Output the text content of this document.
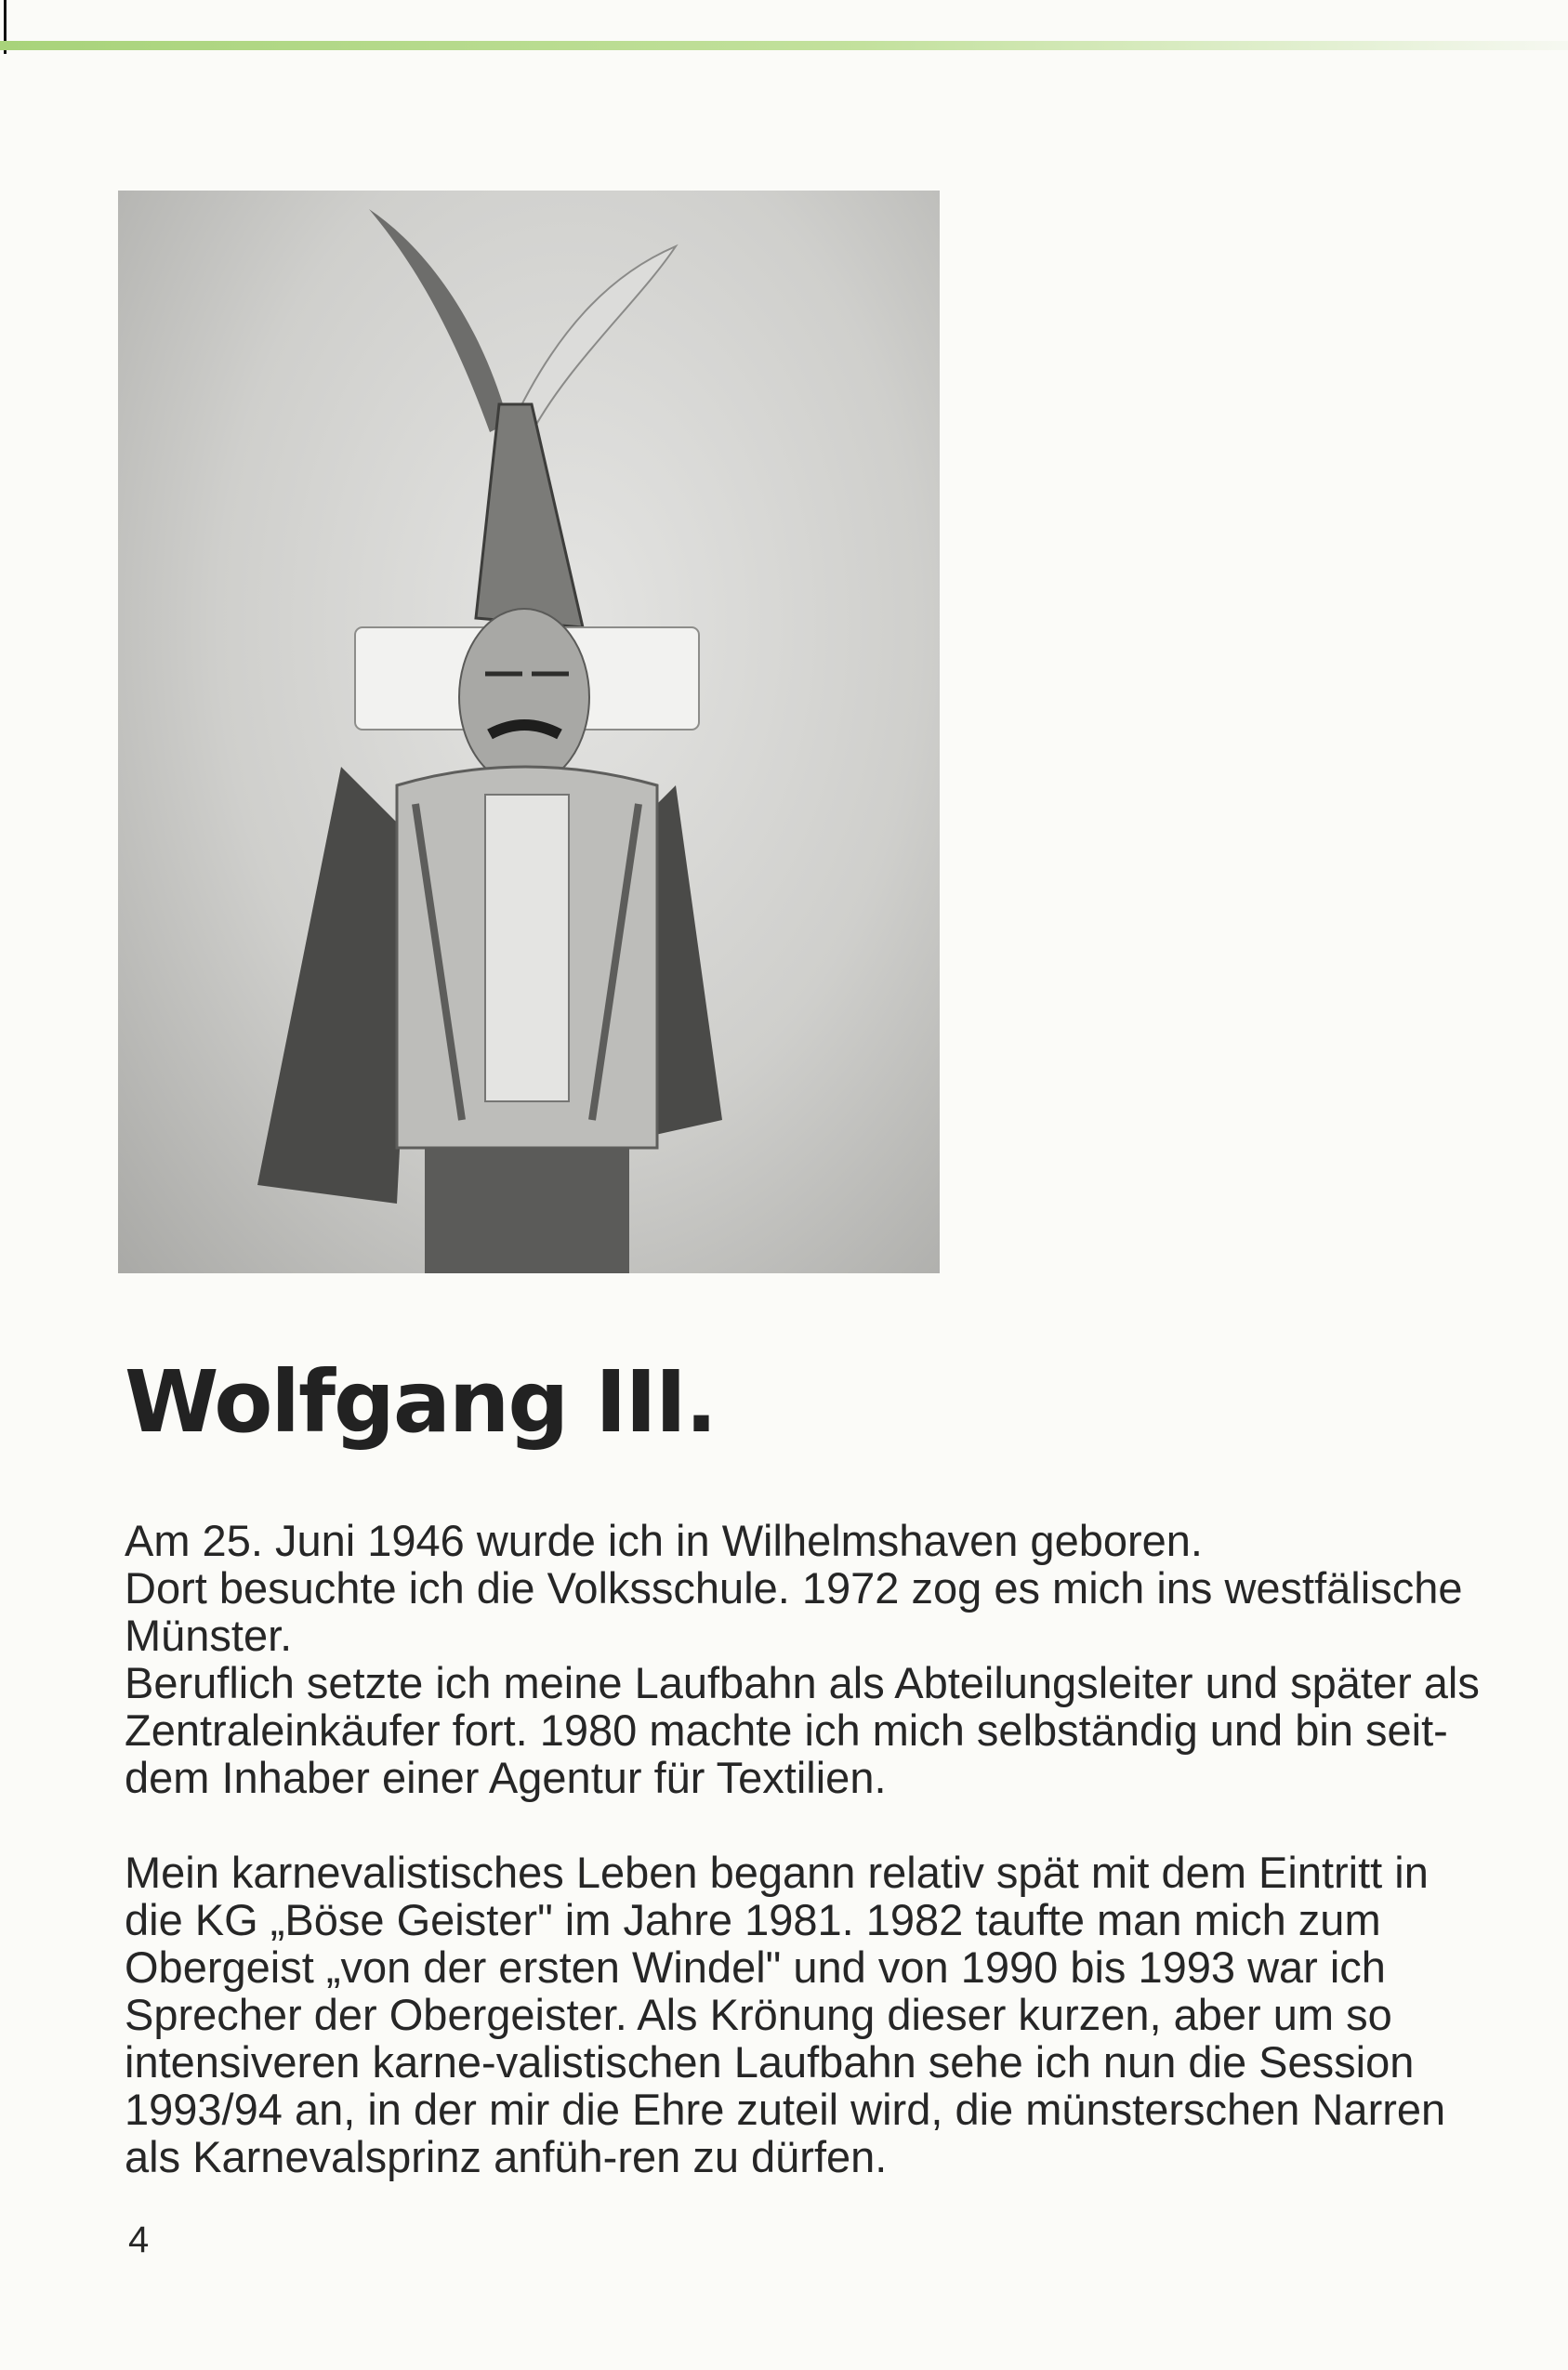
Wolfgang III.

Am 25. Juni 1946 wurde ich in Wilhelmshaven geboren.

Dort besuchte ich die Volksschule. 1972 zog es mich ins westfälische Münster.

Beruflich setzte ich meine Laufbahn als Abteilungsleiter und später als Zentraleinkäufer fort. 1980 machte ich mich selbständig und bin seit-dem Inhaber einer Agentur für Textilien.

Mein karnevalistisches Leben begann relativ spät mit dem Eintritt in die KG „Böse Geister" im Jahre 1981. 1982 taufte man mich zum Obergeist „von der ersten Windel" und von 1990 bis 1993 war ich Sprecher der Obergeister. Als Krönung dieser kurzen, aber um so intensiveren karne-valistischen Laufbahn sehe ich nun die Session 1993/94 an, in der mir die Ehre zuteil wird, die münsterschen Narren als Karnevalsprinz anfüh-ren zu dürfen.

4
